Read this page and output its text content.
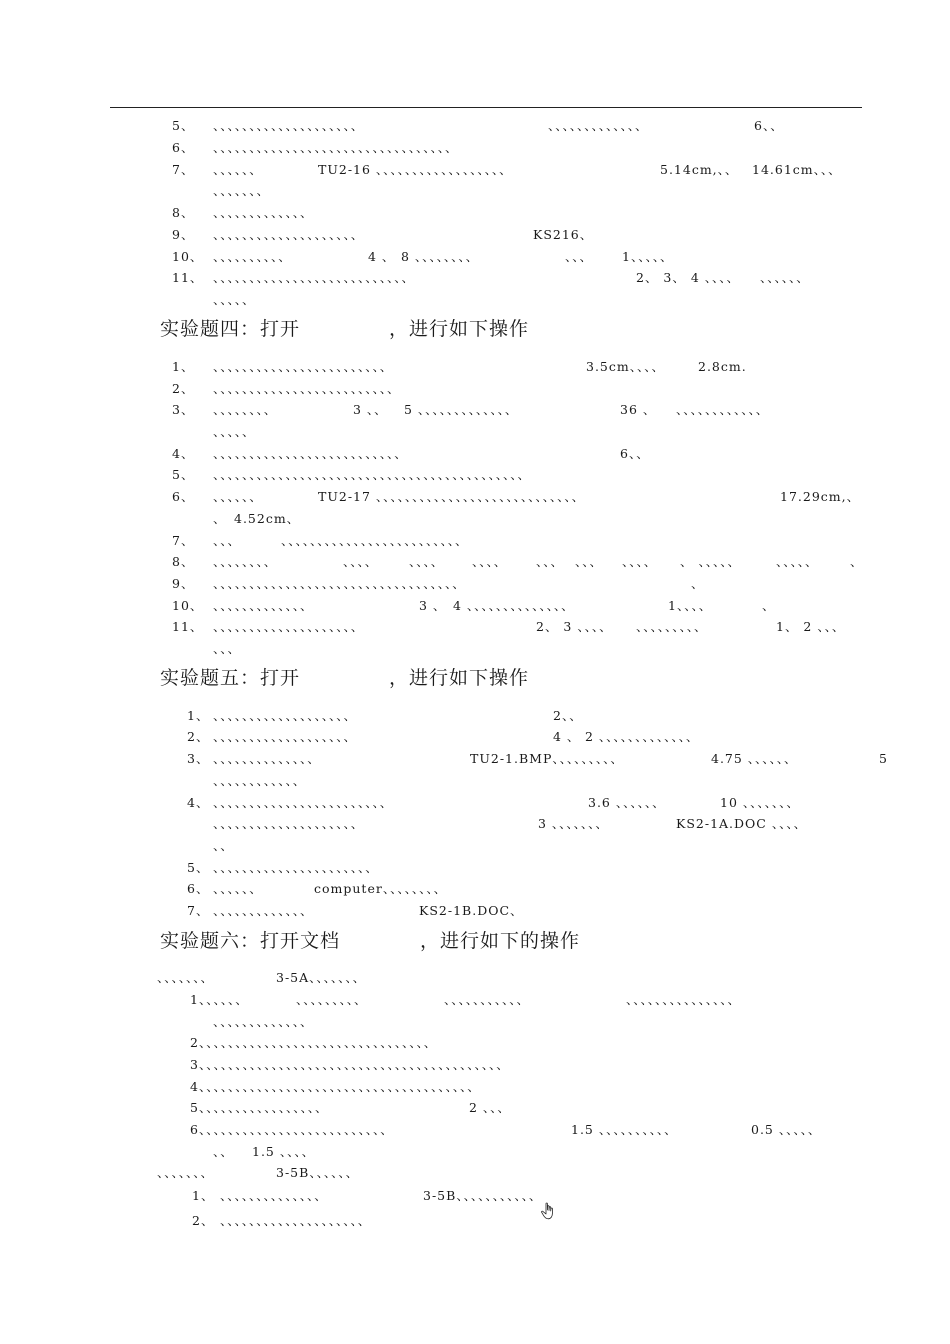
5、 、、、、、、、、、、、、、、、、、、、、	、、、、、、、、、、、、、	6、、
6、 、、、、、、、、、、、、、、、、、、、、、、、、、、、、、、、、、
7、 、、、、、、	TU2-16 、、、、、、、、、、、、、、、、、、	5.14cm,、、 14.61cm、、、
、、、、、、、
8、 、、、、、、、、、、、、、
9、 、、、、、、、、、、、、、、、、、、、、	KS216、
10、 、、、、、、、、、、	4 、 8 、、、、、、、、	、、、 1、、、、、
11、 、、、、、、、、、、、、、、、、、、、、、、、、、、、	2、 3、 4 、、、、 、、、、、、
、、、、、
1、 、、、、、、、、、、、、、、、、、、、、、、、、	3.5cm、、、、	2.8cm.
2、 、、、、、、、、、、、、、、、、、、、、、、、、、
3、 、、、、、、、、	3 、、 5 、、、、、、、、、、、、、	36 、 、、、、、、、、、、、、
、、、、、
4、 、、、、、、、、、、、、、、、、、、、、、、、、、、	6、、
5、 、、、、、、、、、、、、、、、、、、、、、、、、、、、、、、、、、、、、、、、、、、、
6、 、、、、、、	TU2-17 、、、、、、、、、、、、、、、、、、、、、、、、、、、、	17.29cm,、
、 4.52cm、
7、 、、、	、、、、、、、、、、、、、、、、、、、、、、、、、
8、 、、、、、、、、	、、、、 、、、、 、、、、 、、、 、、、 、、、、 、 、、、、、	、、、、、	、
9、 、、、、、、、、、、、、、、、、、、、、、、、、、、、、、、、、、、	、
10、 、、、、、、、、、、、、、	3 、 4 、、、、、、、、、、、、、、	1、、、、	、
11、 、、、、、、、、、、、、、、、、、、、、	2、 3 、、、、 、、、、、、、、、	1、 2 、、、
、、、
1、 、、、、、、、、、、、、、、、、、、、	2、、
2、 、、、、、、、、、、、、、、、、、、、	4 、 2 、、、、、、、、、、、、、
3、 、、、、、、、、、、、、、、	TU2-1.BMP、、、、、、、、、	4.75 、、、、、、	5
、、、、、、、、、、、、
4、 、、、、、、、、、、、、、、、、、、、、、、、、	3.6 、、、、、、	10 、、、、、、、
、、、、、、、、、、、、、、、、、、、、	3 、、、、、、、	KS2-1A.DOC 、、、、
、、
5、 、、、、、、、、、、、、、、、、、、、、、、
6、 、、、、、、	computer、、、、、、、、
7、 、、、、、、、、、、、、、	KS2-1B.DOC、
、、、、、、、	3-5A、、、、、、、
1、、、、、、	、、、、、、、、、	、、、、、、、、、、、	、、、、、、、、、、、、、、、
、、、、、、、、、、、、、
2、、、、、、、、、、、、、、、、、、、、、、、、、、、、、、、、
3、、、、、、、、、、、、、、、、、、、、、、、、、、、、、、、、、、、、、、、、、、
4、、、、、、、、、、、、、、、、、、、、、、、、、、、、、、、、、、、、、、
5、、、、、、、、、、、、、、、、、	2 、、、
6、、、、、、、、、、、、、、、、、、、、、、、、、、	1.5 、、、、、、、、、、	0.5 、、、、、
、、 1.5 、、、、
、、、、、、、	3-5B、、、、、、
1、 、、、、、、、、、、、、、、	3-5B、、、、、、、、、、、
2、 、、、、、、、、、、、、、、、、、、、、
实验题四：打开	，进行如下操作
实验题五：打开	，进行如下操作
实验题六：打开文档	，进行如下的操作
